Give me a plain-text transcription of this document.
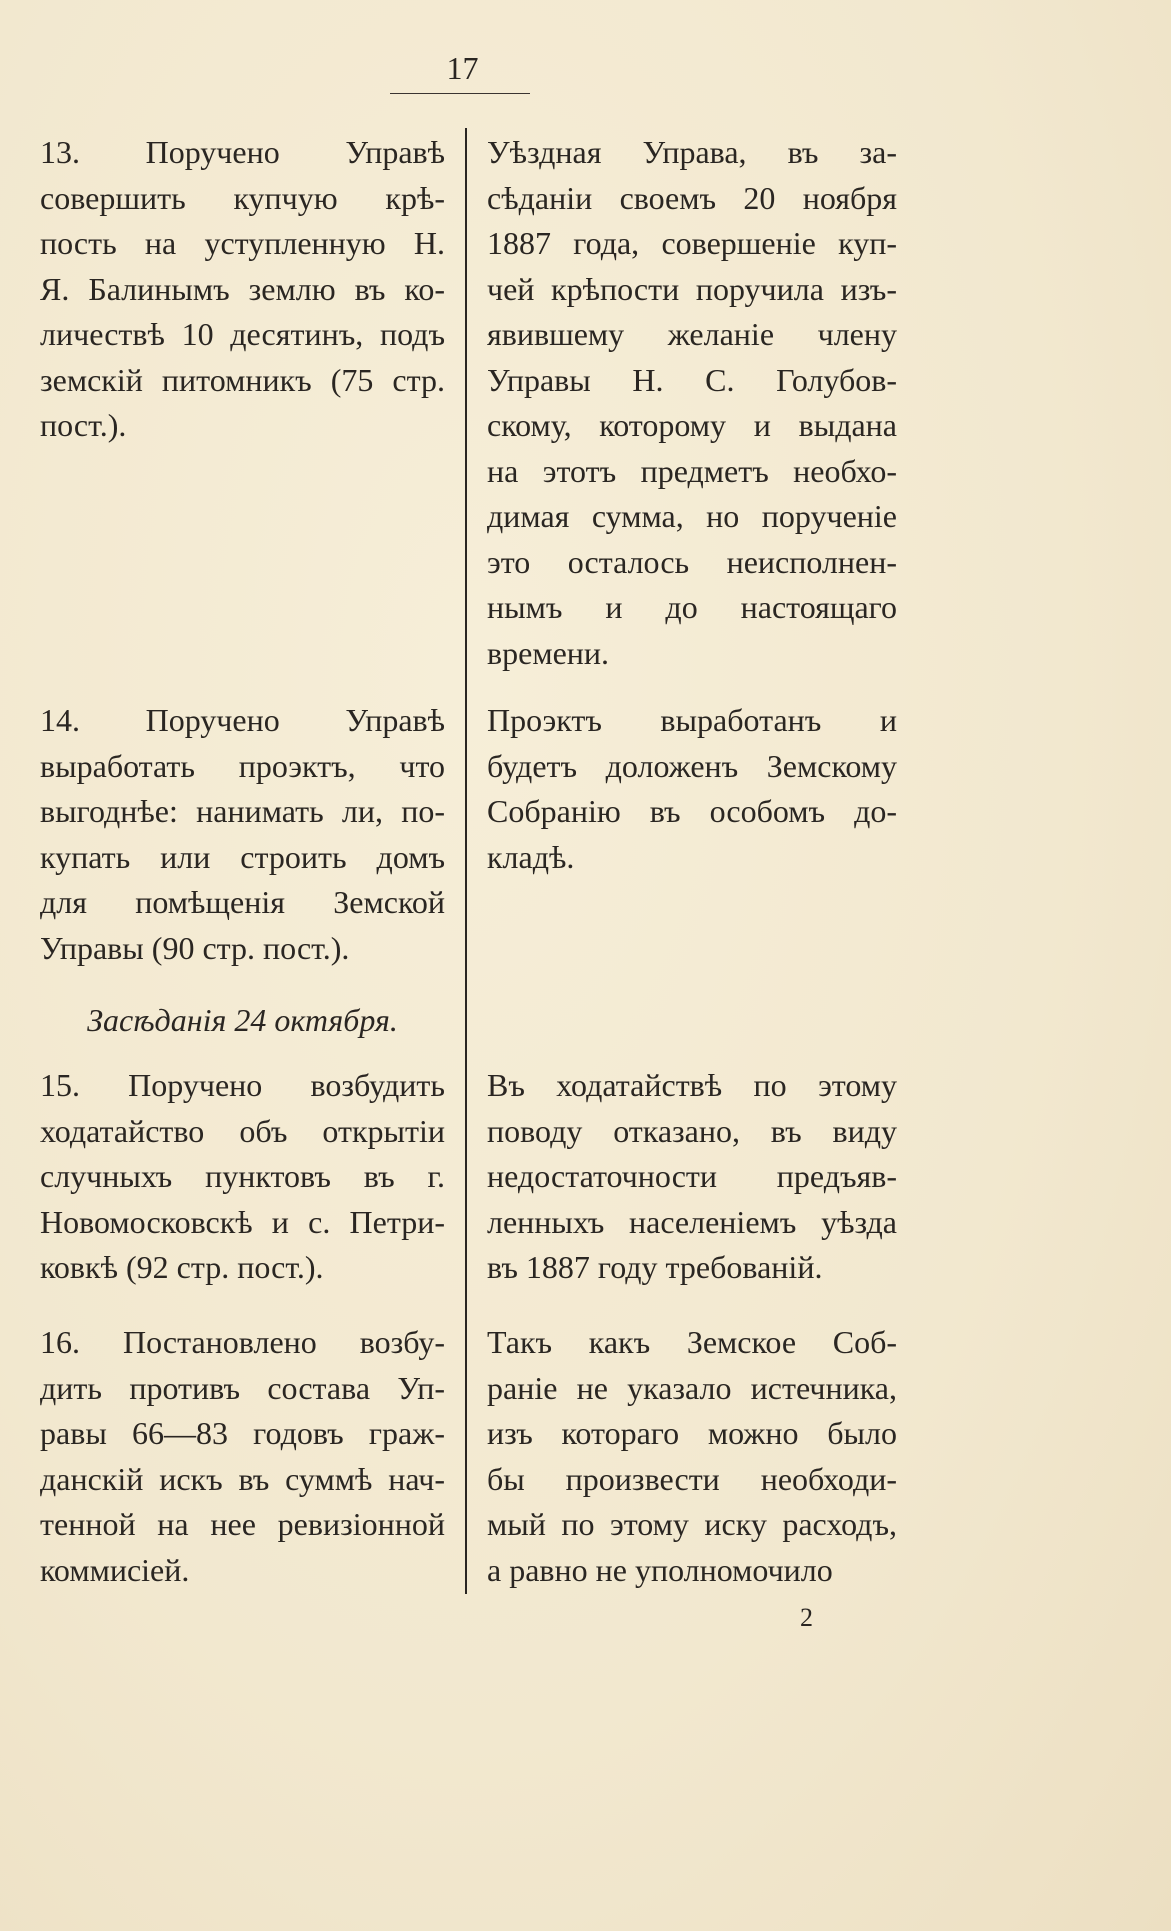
17
13. Поручено Управѣ
совершить купчую крѣ-
пость на уступленную Н.
Я. Балинымъ землю въ ко-
личествѣ 10 десятинъ, подъ
земскій питомникъ (75 стр.
пост.).
14. Поручено Управѣ
выработать проэктъ, что
выгоднѣе: нанимать ли, по-
купать или строить домъ
для помѣщенія Земской
Управы (90 стр. пост.).
Засѣданія 24 октября.
15. Поручено возбудить
ходатайство объ открытіи
случныхъ пунктовъ въ г.
Новомосковскѣ и с. Петри-
ковкѣ (92 стр. пост.).
16. Постановлено возбу-
дить противъ состава Уп-
равы 66—83 годовъ граж-
данскій искъ въ суммѣ нач-
тенной на нее ревизіонной
коммисіей.
Уѣздная Управа, въ за-
сѣданіи своемъ 20 ноября
1887 года, совершеніе куп-
чей крѣпости поручила изъ-
явившему желаніе члену
Управы Н. С. Голубов-
скому, которому и выдана
на этотъ предметъ необхо-
димая сумма, но порученіе
это осталось неисполнен-
нымъ и до настоящаго
времени.
Проэктъ выработанъ и
будетъ доложенъ Земскому
Собранію въ особомъ до-
кладѣ.
Въ ходатайствѣ по этому
поводу отказано, въ виду
недостаточности предъяв-
ленныхъ населеніемъ уѣзда
въ 1887 году требованій.
Такъ какъ Земское Соб-
раніе не указало истечника,
изъ котораго можно было
бы произвести необходи-
мый по этому иску расходъ,
а равно не уполномочило
2
